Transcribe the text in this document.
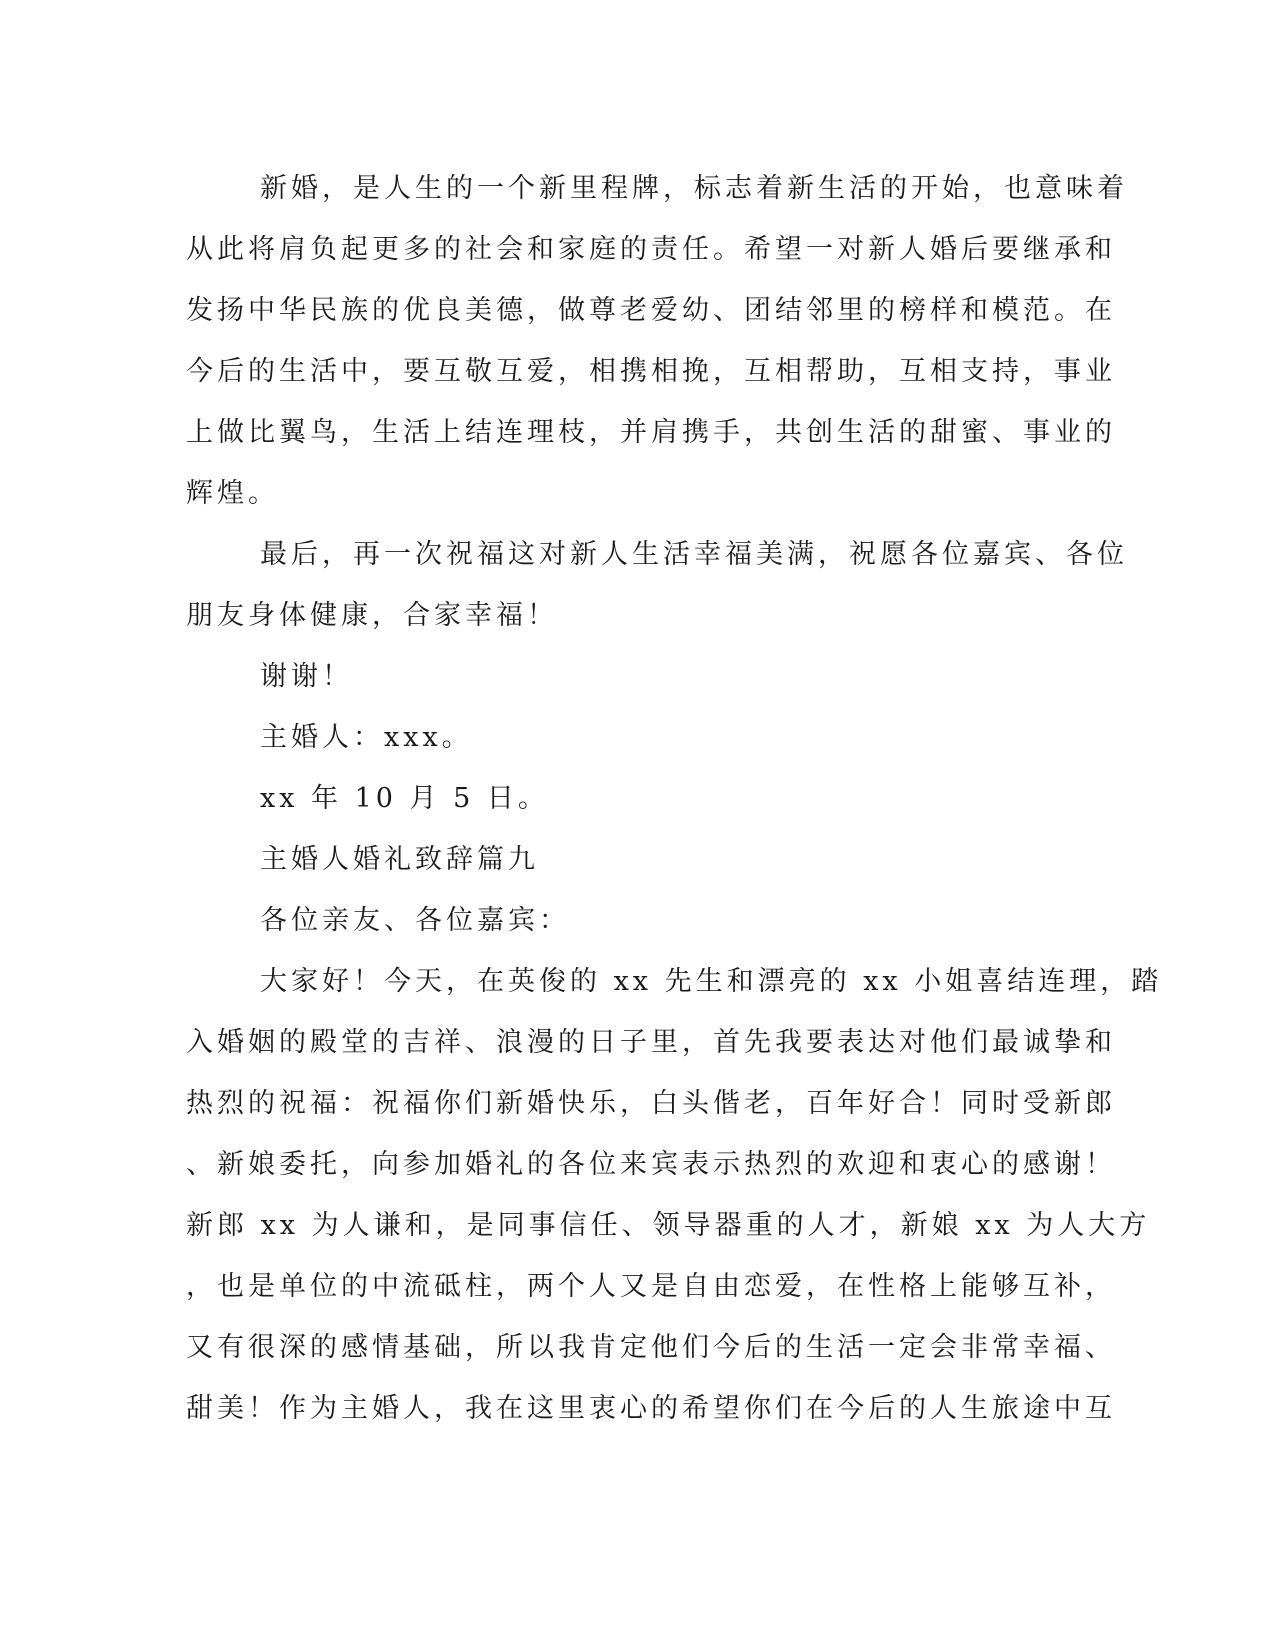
新婚，是人生的一个新里程牌，标志着新生活的开始，也意味着
从此将肩负起更多的社会和家庭的责任。希望一对新人婚后要继承和
发扬中华民族的优良美德，做尊老爱幼、团结邻里的榜样和模范。在
今后的生活中，要互敬互爱，相携相挽，互相帮助，互相支持，事业
上做比翼鸟，生活上结连理枝，并肩携手，共创生活的甜蜜、事业的
辉煌。
最后，再一次祝福这对新人生活幸福美满，祝愿各位嘉宾、各位
朋友身体健康，合家幸福！
谢谢！
主婚人：xxx。
xx 年 10 月 5 日。
主婚人婚礼致辞篇九
各位亲友、各位嘉宾：
大家好！今天，在英俊的 xx 先生和漂亮的 xx 小姐喜结连理，踏
入婚姻的殿堂的吉祥、浪漫的日子里，首先我要表达对他们最诚挚和
热烈的祝福：祝福你们新婚快乐，白头偕老，百年好合！同时受新郎
、新娘委托，向参加婚礼的各位来宾表示热烈的欢迎和衷心的感谢！
新郎 xx 为人谦和，是同事信任、领导器重的人才，新娘 xx 为人大方
，也是单位的中流砥柱，两个人又是自由恋爱，在性格上能够互补，
又有很深的感情基础，所以我肯定他们今后的生活一定会非常幸福、
甜美！作为主婚人，我在这里衷心的希望你们在今后的人生旅途中互
